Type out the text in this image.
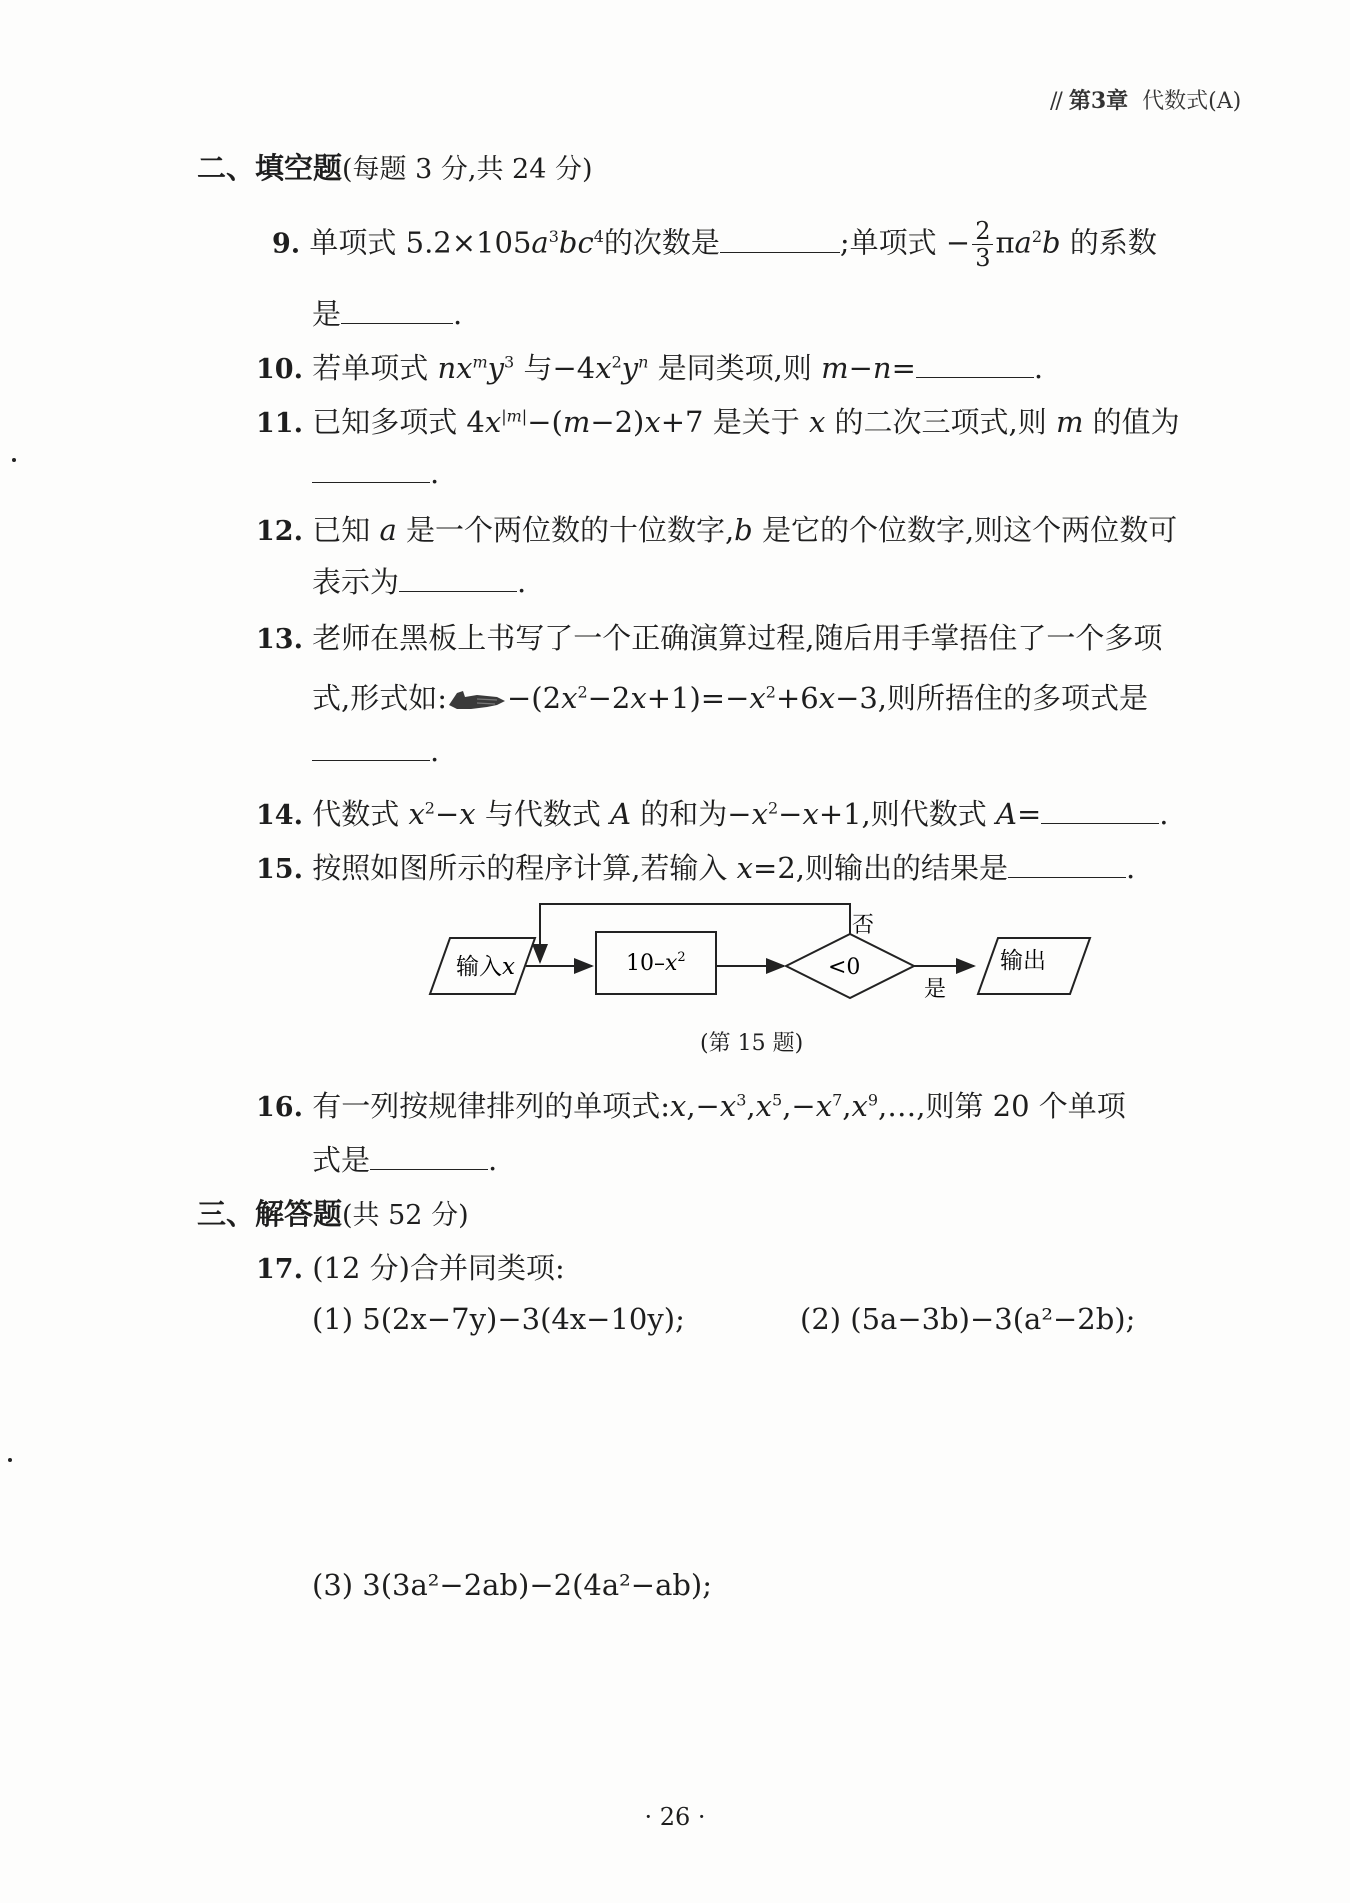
// 第3章 代数式(A)
二、填空题(每题 3 分,共 24 分)
9. 单项式 $5.2\times 105a^3bc^4$的次数是	;单项式 − $\frac{2}{3} \pi a^2b$ 的系数
是	.
10. 若单项式 $nx^my^3$ 与$-4x^2y^n$ 是同类项,则 m−n=	.
11. 已知多项式 $4x^{|m|}-(m-2)x+7$ 是关于 x 的二次三项式,则 m 的值为
.
12. 已知 a 是一个两位数的十位数字,b 是它的个位数字,则这个两位数可
表示为	.
13. 老师在黑板上书写了一个正确演算过程,随后用手掌捂住了一个多项
式,形式如: $-(2x^2-2x+1)=-x^2+6x-3$,则所捂住的多项式是
.
14. 代数式 $x^2-x$ 与代数式 A 的和为$-x^2-x+1$,则代数式 A=	.
15. 按照如图所示的程序计算,若输入 x=2,则输出的结果是	.
输入x	$10-x^2$	<0
否
是
输出
(第 15 题)
16. 有一列按规律排列的单项式$:x,-x^3,x^5,-x^7,x^9,\dots$,则第 20 个单项
式是	.
三、解答题(共 52 分)
17. (12 分)合并同类项:
(1) 5(2x−7y)−3(4x−10y);	(2) (5a−3b)−3(a²−2b);
(3) 3(3a²−2ab)−2(4a²−ab);
· 26 ·
